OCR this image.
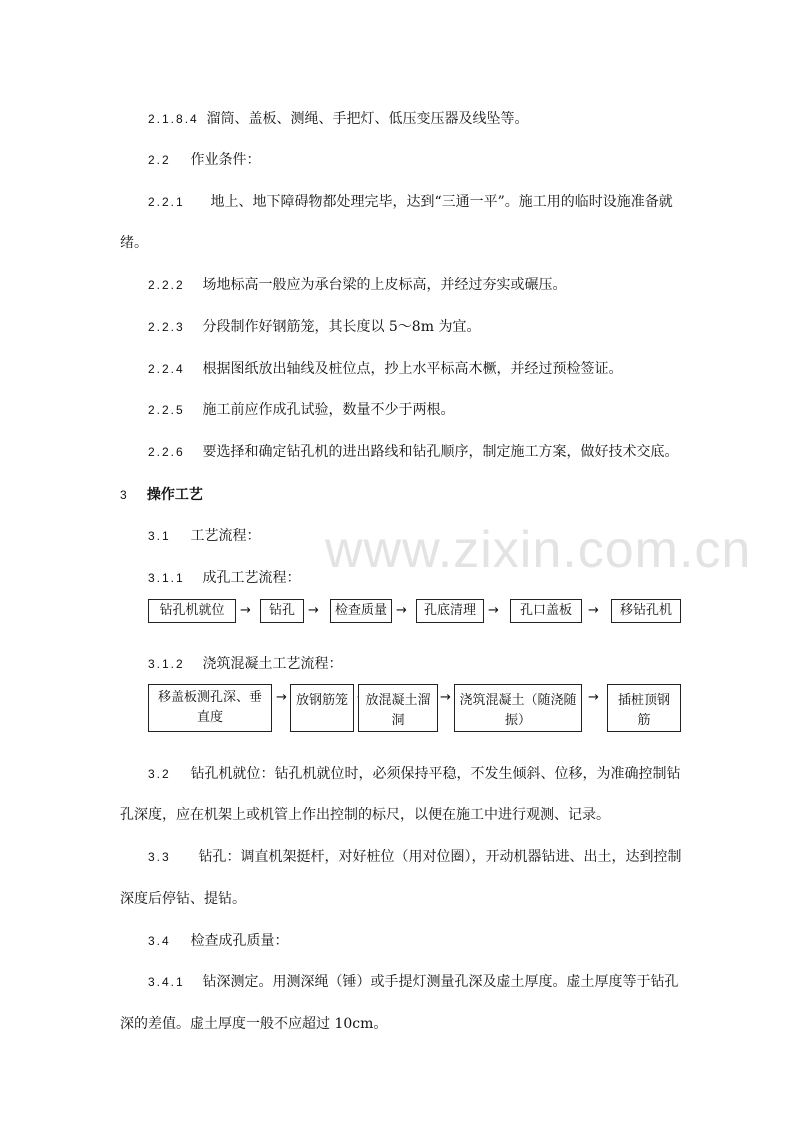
www.zixin.com.cn
2.1.8.4 溜筒、盖板、测绳、手把灯、低压变压器及线坠等。
2.2 作业条件：
2.2.1 地上、地下障碍物都处理完毕，达到“三通一平”。施工用的临时设施准备就
绪。
2.2.2 场地标高一般应为承台梁的上皮标高，并经过夯实或碾压。
2.2.3 分段制作好钢筋笼，其长度以 5～8m 为宜。
2.2.4 根据图纸放出轴线及桩位点，抄上水平标高木橛，并经过预检签证。
2.2.5 施工前应作成孔试验，数量不少于两根。
2.2.6 要选择和确定钻孔机的进出路线和钻孔顺序，制定施工方案，做好技术交底。
3 操作工艺
3.1 工艺流程：
3.1.1 成孔工艺流程：
钻孔机就位	→	钻孔	→	检查质量 →	孔底清理 →	孔口盖板	→	移钻孔机
3.1.2 浇筑混凝土工艺流程：
移盖板测孔深、垂直度
→ 放钢筋笼	放混凝土溜洞
→ 浇筑混凝土（随浇随振）
→	插桩顶钢筋
3.2 钻孔机就位：钻孔机就位时，必须保持平稳，不发生倾斜、位移，为准确控制钻
孔深度，应在机架上或机管上作出控制的标尺，以便在施工中进行观测、记录。
3.3 钻孔：调直机架挺杆，对好桩位（用对位圈），开动机器钻进、出土，达到控制
深度后停钻、提钻。
3.4 检查成孔质量：
3.4.1 钻深测定。用测深绳（锤）或手提灯测量孔深及虚土厚度。虚土厚度等于钻孔
深的差值。虚土厚度一般不应超过 10cm。
